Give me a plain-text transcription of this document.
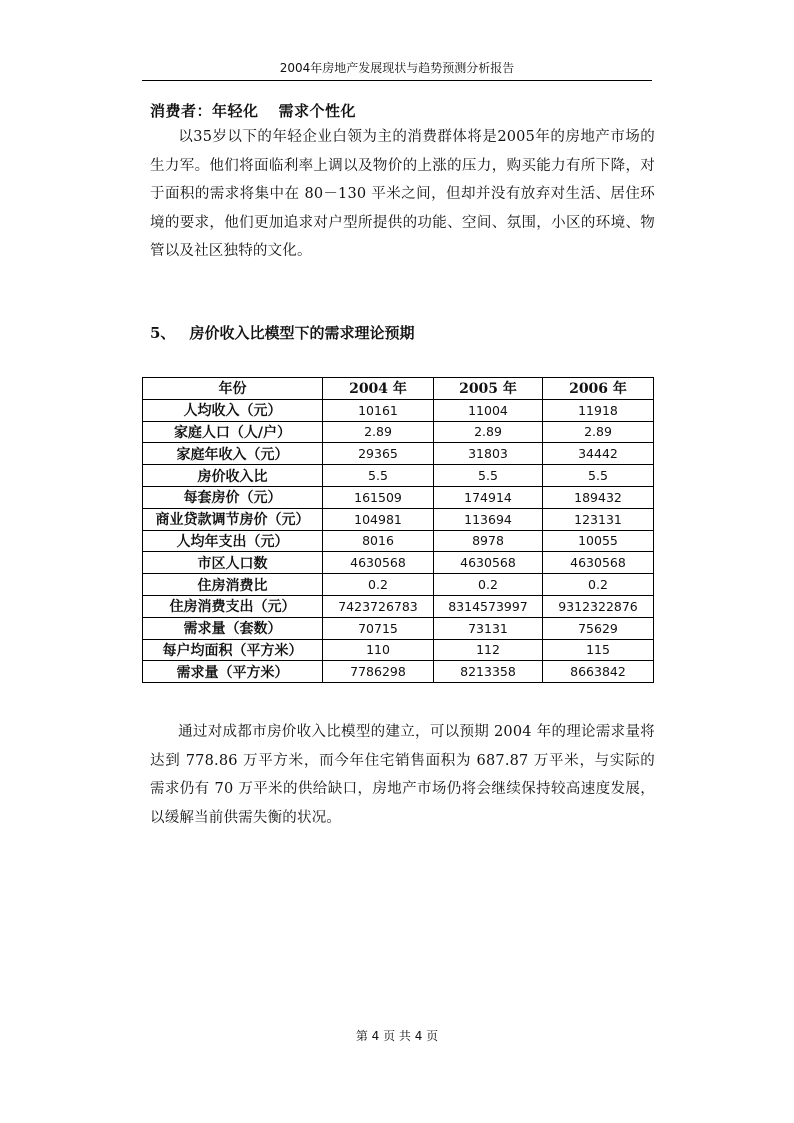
2004年房地产发展现状与趋势预测分析报告
消费者：年轻化 需求个性化
以35岁以下的年轻企业白领为主的消费群体将是2005年的房地产市场的生力军。他们将面临利率上调以及物价的上涨的压力，购买能力有所下降，对于面积的需求将集中在 80－130 平米之间，但却并没有放弃对生活、居住环境的要求，他们更加追求对户型所提供的功能、空间、氛围，小区的环境、物管以及社区独特的文化。
5、 房价收入比模型下的需求理论预期
年份	2004 年	2005 年	2006 年
人均收入（元）	10161	11004	11918
家庭人口（人/户）	2.89	2.89	2.89
家庭年收入（元）	29365	31803	34442
房价收入比	5.5	5.5	5.5
每套房价（元）	161509	174914	189432
商业贷款调节房价（元）	104981	113694	123131
人均年支出（元）	8016	8978	10055
市区人口数	4630568	4630568	4630568
住房消费比	0.2	0.2	0.2
住房消费支出（元）	7423726783	8314573997	9312322876
需求量（套数）	70715	73131	75629
每户均面积（平方米）	110	112	115
需求量（平方米）	7786298	8213358	8663842
通过对成都市房价收入比模型的建立，可以预期 2004 年的理论需求量将达到 778.86 万平方米，而今年住宅销售面积为 687.87 万平米，与实际的需求仍有 70 万平米的供给缺口，房地产市场仍将会继续保持较高速度发展，以缓解当前供需失衡的状况。
第 4 页 共 4 页
